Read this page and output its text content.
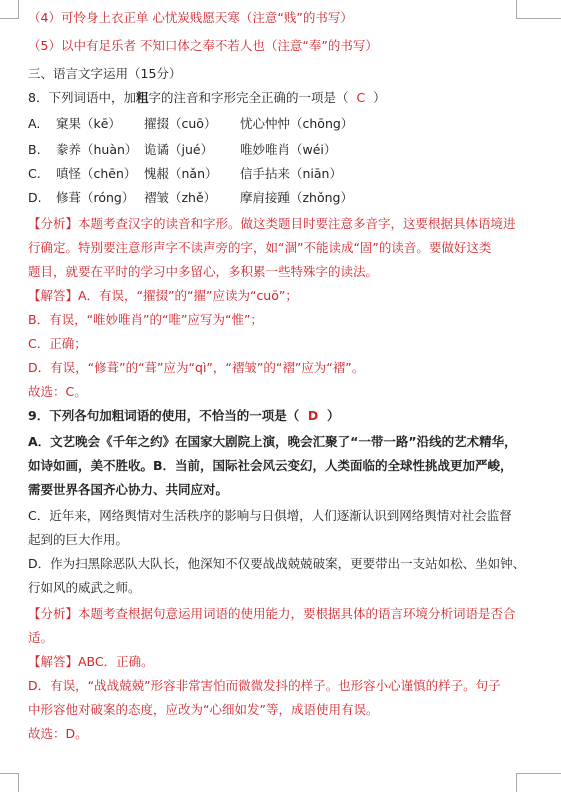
（4）可怜身上衣正单 心忧炭贱愿天寒（注意“贱”的书写）
（5）以中有足乐者 不知口体之奉不若人也（注意“奉”的书写）
三、语言文字运用（15分）
8．下列词语中，加粗字的注音和字形完全正确的一项是（ C ）
A. 窠果（kē） 擢掇（cuō） 忧心忡忡（chōng）
B. 豢养（huàn） 诡谲（jué） 唯妙唯肖（wéi）
C. 嗔怪（chēn） 愧赧（nǎn） 信手拈来（niān）
D. 修葺（róng） 褶皱（zhě） 摩肩接踵（zhǒng）
【分析】本题考查汉字的读音和字形。做这类题目时要注意多音字，这要根据具体语境进
行确定。特别要注意形声字不读声旁的字，如“涸”不能读成“固”的读音。要做好这类
题目，就要在平时的学习中多留心，多积累一些特殊字的读法。
【解答】A．有误，“擢掇”的“擢”应读为“cuō”；
B．有误，“唯妙唯肖”的“唯”应写为“惟”；
C．正确；
D．有误，“修葺”的“葺”应为“qì”，“褶皱”的“褶”应为“褶”。
故选：C。
9．下列各句加粗词语的使用，不恰当的一项是（ D ）
A．文艺晚会《千年之约》在国家大剧院上演，晚会汇聚了“一带一路”沿线的艺术精华，
如诗如画，美不胜收。B．当前，国际社会风云变幻，人类面临的全球性挑战更加严峻，
需要世界各国齐心协力、共同应对。
C．近年来，网络舆情对生活秩序的影响与日俱增，人们逐渐认识到网络舆情对社会监督
起到的巨大作用。
D．作为扫黑除恶队大队长，他深知不仅要战战兢兢破案，更要带出一支站如松、坐如钟、
行如风的威武之师。
【分析】本题考查根据句意运用词语的使用能力，要根据具体的语言环境分析词语是否合
适。
【解答】ABC．正确。
D．有误，“战战兢兢”形容非常害怕而微微发抖的样子。也形容小心谨慎的样子。句子
中形容他对破案的态度，应改为“心细如发”等，成语使用有误。
故选：D。
